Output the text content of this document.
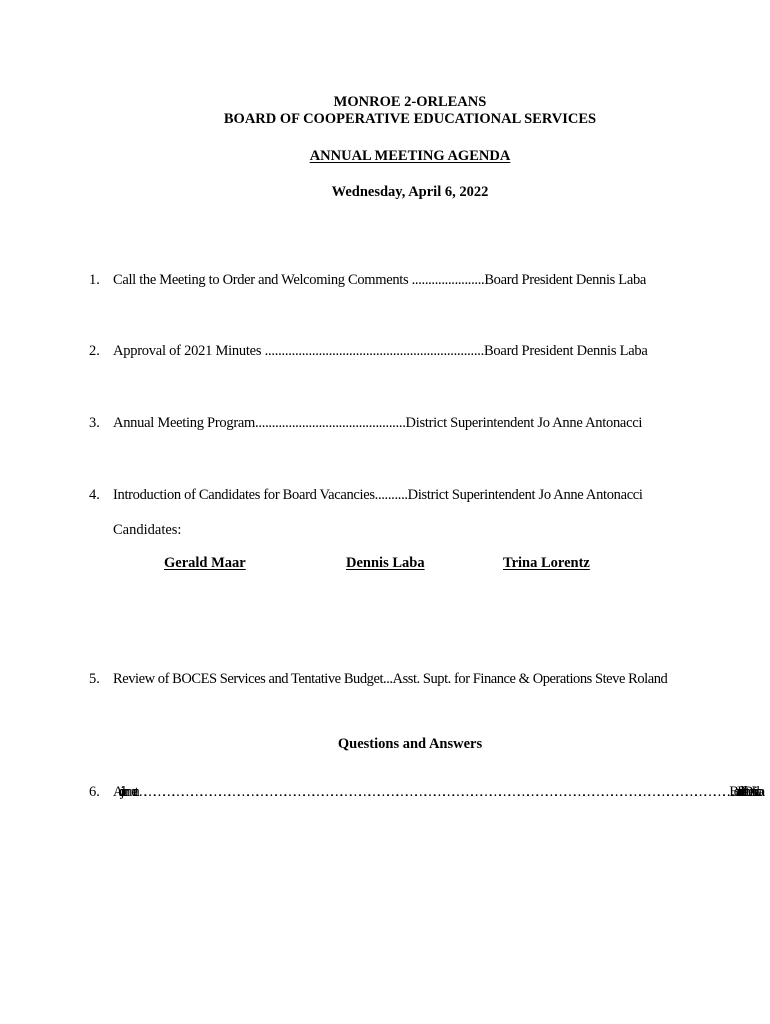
MONROE 2-ORLEANS
BOARD OF COOPERATIVE EDUCATIONAL SERVICES
ANNUAL MEETING AGENDA
Wednesday, April 6, 2022
1. Call the Meeting to Order and Welcoming Comments ......................Board President Dennis Laba
2. Approval of 2021 Minutes .................................................................Board President Dennis Laba
3. Annual Meeting Program.............................................District Superintendent Jo Anne Antonacci
4. Introduction of Candidates for Board Vacancies..........District Superintendent Jo Anne Antonacci
Candidates:
Gerald Maar	Dennis Laba	Trina Lorentz
5. Review of BOCES Services and Tentative Budget...Asst. Supt. for Finance & Operations Steve Roland
Questions and Answers
6. Adjournment………………………………………………………………………………………………………………………………………………………………………….Board President Dennis Laba
